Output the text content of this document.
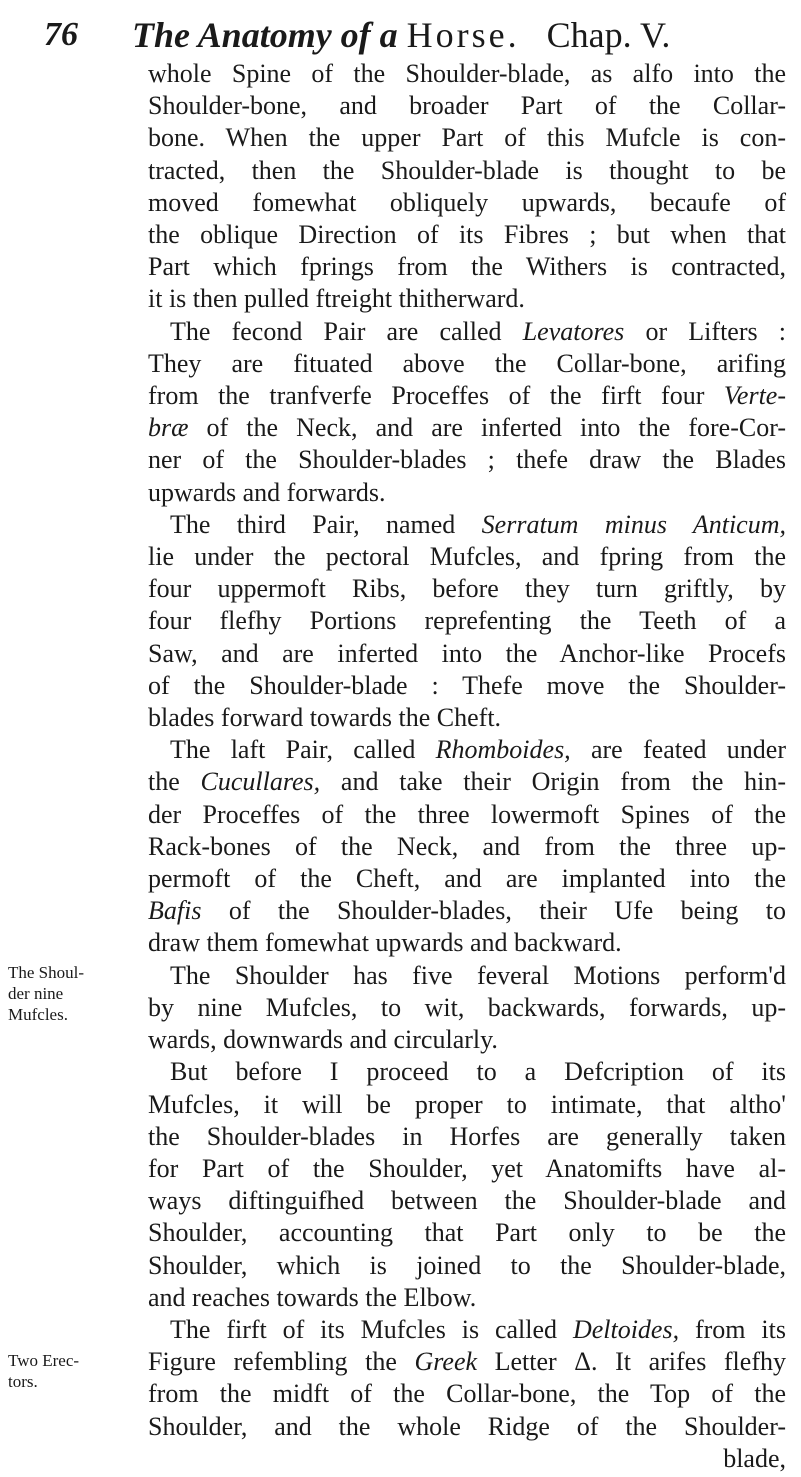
76 The Anatomy of a Horse. Chap. V.
The Shoul-
der nine
Mufcles.
Two Erec-
tors.
whole Spine of the Shoulder-blade, as alfo into the
Shoulder-bone, and broader Part of the Collar-
bone. When the upper Part of this Mufcle is con-
tracted, then the Shoulder-blade is thought to be
moved fomewhat obliquely upwards, becaufe of
the oblique Direction of its Fibres ; but when that
Part which fprings from the Withers is contracted,
it is then pulled ftreight thitherward.
The fecond Pair are called Levatores or Lifters :
They are fituated above the Collar-bone, arifing
from the tranfverfe Proceffes of the firft four Verte-
bræ of the Neck, and are inferted into the fore-Cor-
ner of the Shoulder-blades ; thefe draw the Blades
upwards and forwards.
The third Pair, named Serratum minus Anticum,
lie under the pectoral Mufcles, and fpring from the
four uppermoft Ribs, before they turn griftly, by
four flefhy Portions reprefenting the Teeth of a
Saw, and are inferted into the Anchor-like Procefs
of the Shoulder-blade : Thefe move the Shoulder-
blades forward towards the Cheft.
The laft Pair, called Rhomboides, are feated under
the Cucullares, and take their Origin from the hin-
der Proceffes of the three lowermoft Spines of the
Rack-bones of the Neck, and from the three up-
permoft of the Cheft, and are implanted into the
Bafis of the Shoulder-blades, their Ufe being to
draw them fomewhat upwards and backward.
The Shoulder has five feveral Motions perform'd
by nine Mufcles, to wit, backwards, forwards, up-
wards, downwards and circularly.
But before I proceed to a Defcription of its
Mufcles, it will be proper to intimate, that altho'
the Shoulder-blades in Horfes are generally taken
for Part of the Shoulder, yet Anatomifts have al-
ways diftinguifhed between the Shoulder-blade and
Shoulder, accounting that Part only to be the
Shoulder, which is joined to the Shoulder-blade,
and reaches towards the Elbow.
The firft of its Mufcles is called Deltoides, from its
Figure refembling the Greek Letter Δ. It arifes flefhy
from the midft of the Collar-bone, the Top of the
Shoulder, and the whole Ridge of the Shoulder-
blade,
